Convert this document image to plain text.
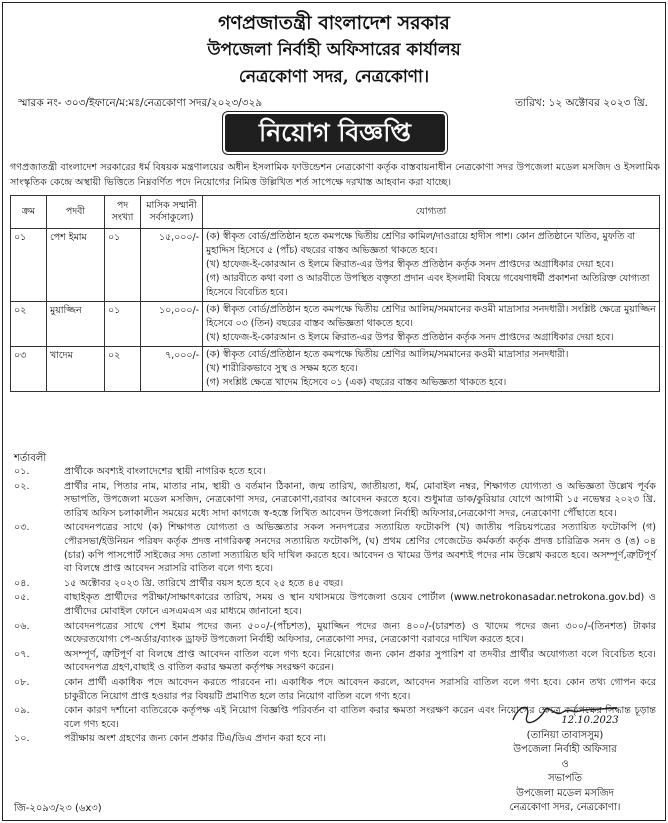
গণপ্রজাতন্ত্রী বাংলাদেশ সরকার
উপজেলা নির্বাহী অফিসারের কার্যালয়
নেত্রকোণা সদর, নেত্রকোণা।
স্মারক নং- ৩০৩/ইফানে/ম:মঃ/নেত্রকোণা সদর/২০২৩/৩২৯	তারিখ: ১২ অক্টোবর ২০২৩ খ্রি.
নিয়োগ বিজ্ঞপ্তি
গণপ্রজাতন্ত্রী বাংলাদেশ সরকারের ধর্ম বিষয়ক মন্ত্রণালয়ের অধীন ইসলামিক ফাউন্ডেশন নেত্রকোণা কর্তৃক বাস্তবায়নাধীন নেত্রকোণা সদর উপজেলা মডেল মসজিদ ও ইসলামিক সাংস্কৃতিক কেন্দ্রে অস্থায়ী ভিত্তিতে নিম্নবর্ণিত পদে নিয়োগের নিমিত্ত উল্লিখিত শর্ত সাপেক্ষে দরখাস্ত আহবান করা যাচ্ছে।
ক্রম	পদবী	পদ সংখ্যা	মাসিক সম্মানী সর্বসাকুল্যে)	যোগ্যতা
০১	পেশ ইমাম	০১	১৫,০০০/-	(ক) স্বীকৃত বোর্ড/প্রতিষ্ঠান হতে কমপক্ষে দ্বিতীয় শ্রেণির কামিল/দাওরায়ে হাদীস পাশ। কোন প্রতিষ্ঠানে খতিব, মুফতি বা মুহাদ্দিস হিসেবে ৫ (পাঁচ) বছরের বাস্তব অভিজ্ঞতা থাকতে হবে।
(খ) হাফেজ-ই-কোরআন ও ইলমে ক্বিরাত-এর উপর স্বীকৃত প্রতিষ্ঠান কর্তৃক সনদ প্রাপ্তদের অগ্রাধিকার দেয়া হবে।
(গ) আরবীতে কথা বলা ও আরবীতে উপস্থিত বক্তৃতা প্রদান এবং ইসলামী বিষয়ে গবেষণাধর্মী প্রকাশনা অতিরিক্ত যোগ্যতা হিসেবে বিবেচিত হবে।

০২	মুয়াজ্জিন	০১	১০,০০০/-	(ক) স্বীকৃত বোর্ড/প্রতিষ্ঠান হতে কমপক্ষে দ্বিতীয় শ্রেণির আলিম/সমমানের কওমী মাদ্রাসার সনদধারী। সংশ্লিষ্ট ক্ষেত্রে মুয়াজ্জিন হিসেবে ০৩ (তিন) বছরের বাস্তব অভিজ্ঞতা থাকতে হবে।
(খ) হাফেজ-ই-কোরআন ও ইলমে ক্বিরাত-এর উপর স্বীকৃত প্রতিষ্ঠান কর্তৃক সনদ প্রাপ্তদের অগ্রাধিকার দেয়া হবে।

০৩	খাদেম	০২	৭,০০০/-	(ক) স্বীকৃত বোর্ড/প্রতিষ্ঠান হতে কমপক্ষে দ্বিতীয় শ্রেণির আলিম/সমমানের কওমী মাদ্রাসার সনদধারী।
(খ) শারীরিকভাবে সুস্থ ও সক্ষম হতে হবে।
(গ) সংশ্লিষ্ট ক্ষেত্রে খাদেম হিসেবে ০১ (এক) বছরের বাস্তব অভিজ্ঞতা থাকতে হবে।
শর্তাবলী
০১.	প্রার্থীকে অবশ্যই বাংলাদেশের স্থায়ী নাগরিক হতে হবে।
০২.	প্রার্থীর নাম, পিতার নাম, মাতার নাম, স্থায়ী ও বর্তমান ঠিকানা, জন্ম তারিখ, জাতীয়তা, ধর্ম, মোবাইল নম্বর, শিক্ষাগত যোগ্যতা ও অভিজ্ঞতা উল্লেখ পূর্বক সভাপতি, উপজেলা মডেল মসজিদ, নেত্রকোণা সদর, নেত্রকোণা,বরাবর আবেদন করতে হবে। শুধুমাত্র ডাক/কুরিয়ার যোগে আগামী ১৫ নভেম্বর ২০২৩ খ্রি. তারিখ অফিস চলাকালীন সময়ের মধ্যে সাদা কাগজে স্ব-হস্তে লিখিত আবেদন উপজেলা নির্বাহী অফিসার,নেত্রকোণা সদর, নেত্রকোণা পৌঁছাতে হবে।
০৩.	আবেদনপত্রের সাথে (ক) শিক্ষাগত যোগ্যতা ও অভিজ্ঞতার সকল সনদপত্রের সত্যায়িত ফটোকপি (খ) জাতীয় পরিচয়পত্রের সত্যায়িত ফটোকপি (গ) পৌরসভা/ইউনিয়ন পরিষদ কর্তৃক প্রদত্ত নাগরিকত্ব সনদের সত্যায়িত ফটোকপি, (ঘ) প্রথম শ্রেণির গেজেটেড কর্মকর্তা কর্তৃক প্রদত্ত চারিত্রিক সনদ ও (ঙ) ০৪ (চার) কপি পাসপোর্ট সাইজের সদ্য তোলা সত্যায়িত ছবি দাখিল করতে হবে। আবেদন ও খামের উপর অবশ্যই পদের নাম উল্লেখ করতে হবে। অসম্পূর্ণ,ত্রুটিপূর্ণ বা বিলম্বে প্রাপ্ত আবেদন সরাসরি বাতিল বলে গণ্য হবে।
০৪.	১৫ অক্টোবর ২০২৩ খ্রি. তারিখে প্রার্থীর বয়স হতে হবে ২৫ হতে ৪৫ বছর।
০৫.	বাছাইকৃত প্রার্থীদের পরীক্ষা/সাক্ষাৎকারের তারিখ, সময় ও স্থান যথাসময়ে উপজেলা ওয়েব পোর্টাল (www.netrokonasadar.netrokona.gov.bd) ও প্রার্থীদের মোবাইল ফোনে এসএমএস এর মাধ্যমে জানানো হবে।
০৬.	আবেদনপত্রের সাথে পেশ ইমাম পদের জন্য ৫০০/-(পাঁচশত), মুয়াজ্জিন পদের জন্য ৪০০/-(চারশত) ও খাদেম পদের জন্য ৩০০/-(তিনশত) টাকার অফেরতযোগ্য পে-অর্ডার/ব্যাংক ড্রাফট উপজেলা নির্বাহী অফিসার, নেত্রকোণা সদর, নেত্রকোণা বরাবরে দাখিল করতে হবে।
০৭.	অসম্পূর্ণ, ত্রুটিপূর্ণ বা বিলম্বে প্রাপ্ত আবেদন বাতিল বলে গণ্য হবে। নিয়োগের জন্য কোন প্রকার সুপারিশ বা তদবীর প্রার্থীর অযোগ্যতা বলে বিবেচিত হবে। আবেদনপত্র গ্রহণ,বাছাই ও বাতিল করার ক্ষমতা কর্তৃপক্ষ সংরক্ষণ করেন।
০৮.	কোন প্রার্থী একাধিক পদে আবেদন করতে পারবেন না। একাধিক পদে আবেদন করলে, আবেদন সরাসরি বাতিল বলে গণ্য হবে। কোন তথ্য গোপন করে চাকুরীতে নিয়োগ প্রাপ্ত হওয়ার পর বিষয়টি প্রমাণিত হলে তার নিয়োগ বাতিল বলে গণ্য হবে।
০৯.	কোন কারণ দর্শানো ব্যতিরেকে কর্তৃপক্ষ এই নিয়োগ বিজ্ঞপ্তি পরিবর্তন বা বাতিল করার ক্ষমতা সংরক্ষণ করেন এবং নিয়োগের ক্ষেত্রে কর্তৃপক্ষের সিদ্ধান্ত চূড়ান্ত বলে গণ্য হবে।
১০.	পরীক্ষায় অংশ গ্রহণের জন্য কোন প্রকার টিএ/ডিএ প্রদান করা হবে না।
12.10.2023
(তানিয়া তাবাসসুম)
উপজেলা নির্বাহী অফিসার
ও
সভাপতি
উপজেলা মডেল মসজিদ
নেত্রকোণা সদর, নেত্রকোণা।
জি-২০৯৩/২৩ (৬x৩)
